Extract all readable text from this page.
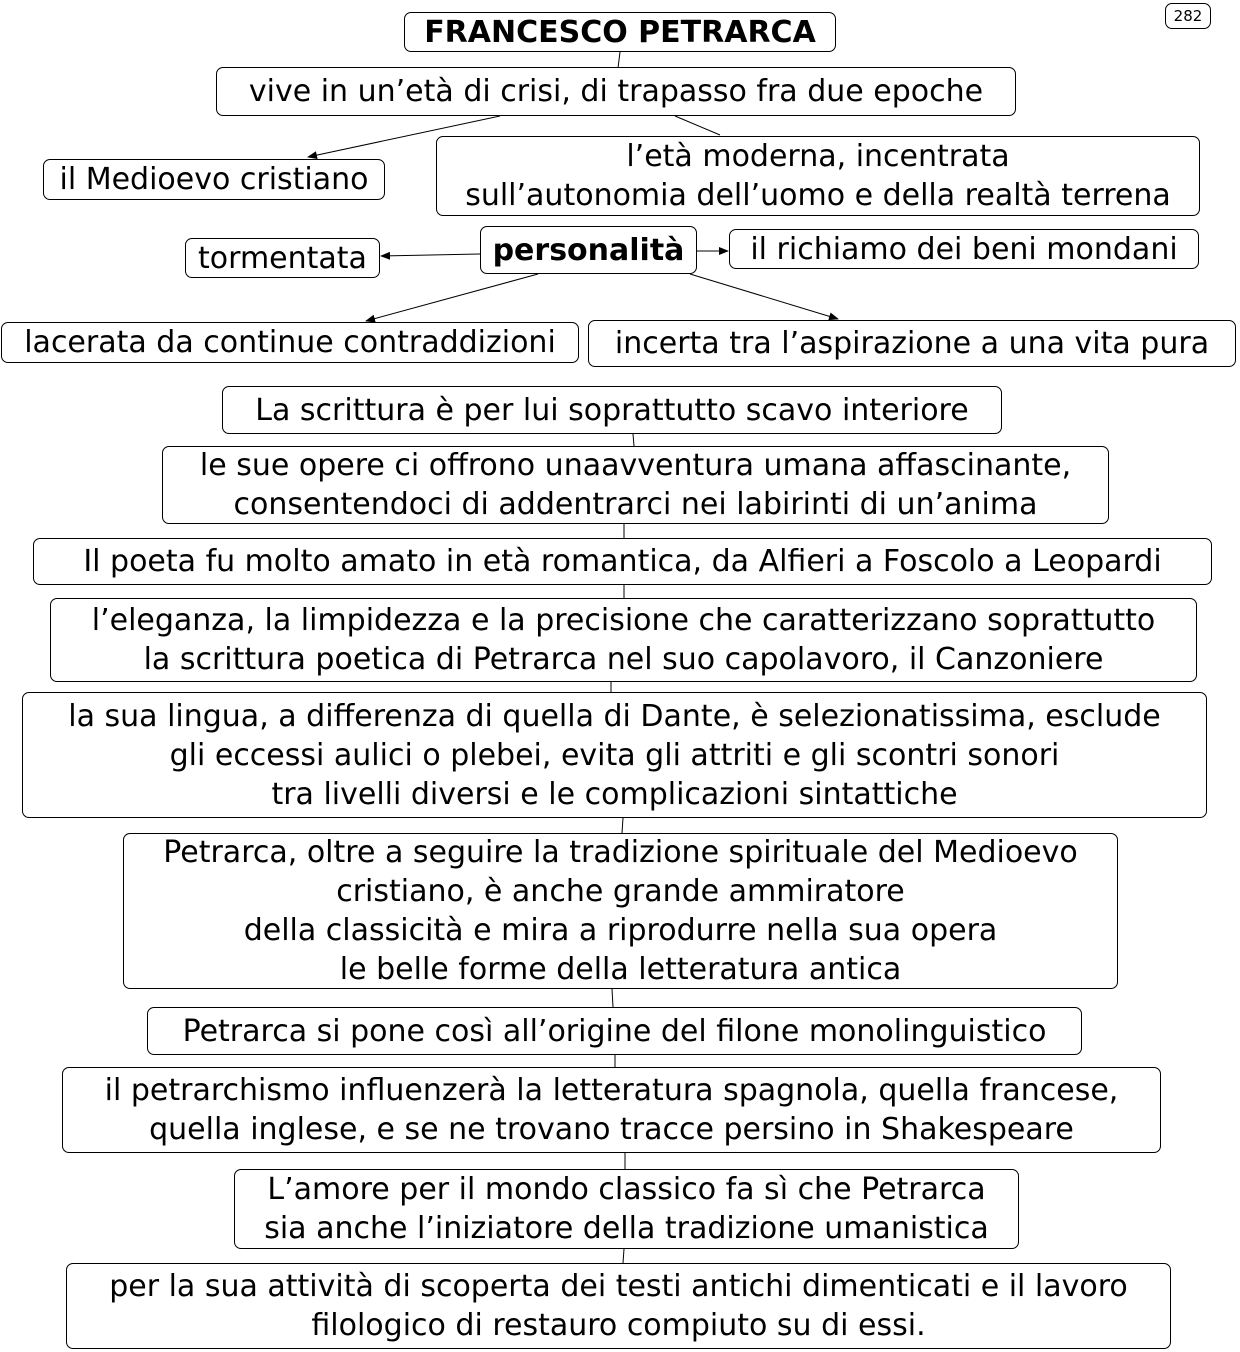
282
FRANCESCO PETRARCA
vive in un’età di crisi, di trapasso fra due epoche
il Medioevo cristiano
l’età moderna, incentrata
sull’autonomia dell’uomo e della realtà terrena
personalità
tormentata	il richiamo dei beni mondani
lacerata da continue contraddizioni incerta tra l’aspirazione a una vita pura
La scrittura è per lui soprattutto scavo interiore
le sue opere ci offrono unaavventura umana affascinante,
consentendoci di addentrarci nei labirinti di un’anima
Il poeta fu molto amato in età romantica, da Alfieri a Foscolo a Leopardi
l’eleganza, la limpidezza e la precisione che caratterizzano soprattutto
la scrittura poetica di Petrarca nel suo capolavoro, il Canzoniere
la sua lingua, a differenza di quella di Dante, è selezionatissima, esclude
gli eccessi aulici o plebei, evita gli attriti e gli scontri sonori
tra livelli diversi e le complicazioni sintattiche
Petrarca, oltre a seguire la tradizione spirituale del Medioevo
cristiano, è anche grande ammiratore
della classicità e mira a riprodurre nella sua opera
le belle forme della letteratura antica
Petrarca si pone così all’origine del filone monolinguistico
il petrarchismo influenzerà la letteratura spagnola, quella francese,
quella inglese, e se ne trovano tracce persino in Shakespeare
L’amore per il mondo classico fa sì che Petrarca
sia anche l’iniziatore della tradizione umanistica
per la sua attività di scoperta dei testi antichi dimenticati e il lavoro
filologico di restauro compiuto su di essi.
